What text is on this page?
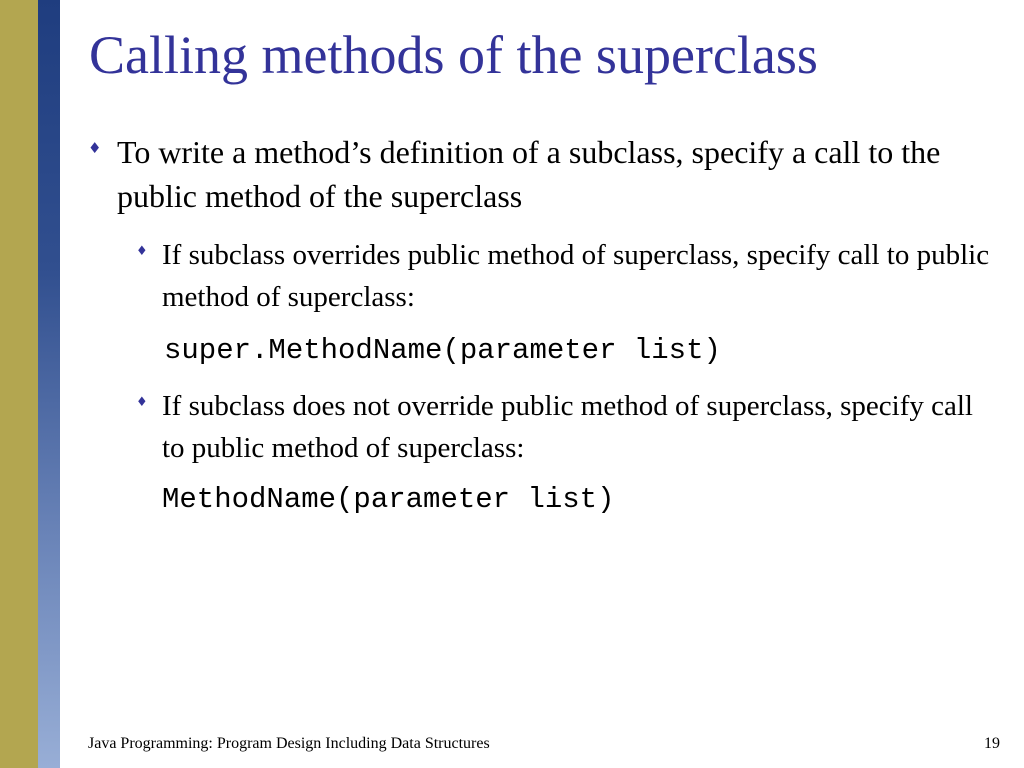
Calling methods of the superclass
♦ To write a method’s definition of a subclass, specify a call to the public method of the superclass

♦ If subclass overrides public method of superclass, specify call to public method of superclass:

super.MethodName(parameter list)
♦ If subclass does not override public method of superclass, specify call to public method of superclass:

MethodName(parameter list)
Java Programming: Program Design Including Data Structures	19
